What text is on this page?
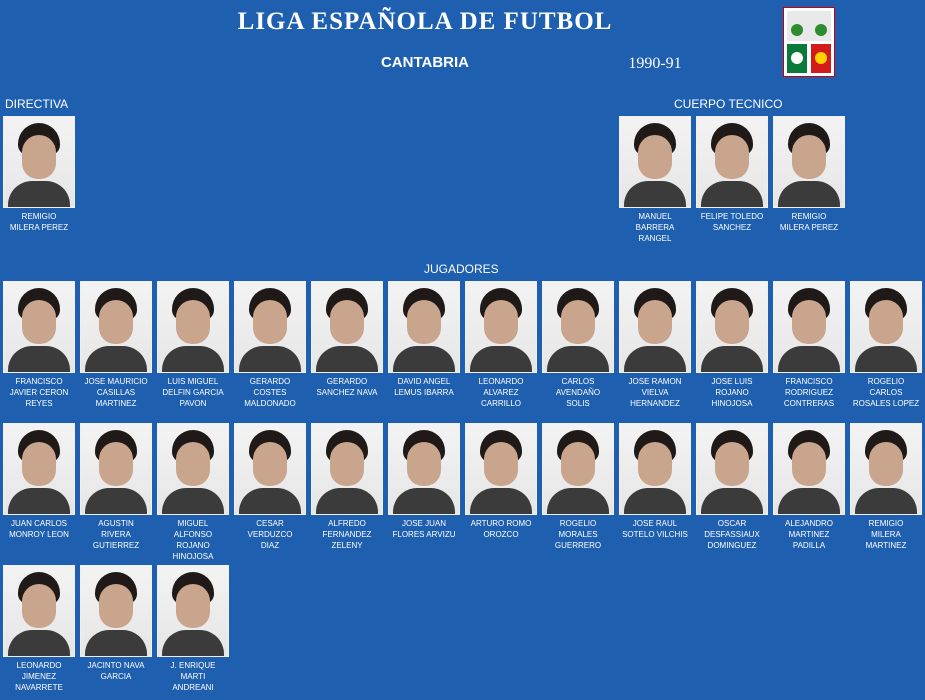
LIGA ESPAÑOLA DE FUTBOL
CANTABRIA	1990-91
DIRECTIVA	CUERPO TECNICO
JUGADORES
REMIGIO
MILERA PEREZ
MANUEL
BARRERA
RANGEL
FELIPE TOLEDO
SANCHEZ
REMIGIO
MILERA PEREZ
FRANCISCO
JAVIER CERON
REYES
JOSE MAURICIO
CASILLAS
MARTINEZ
LUIS MIGUEL
DELFIN GARCIA
PAVON
GERARDO
COSTES
MALDONADO
GERARDO
SANCHEZ NAVA
DAVID ANGEL
LEMUS IBARRA
LEONARDO
ALVAREZ
CARRILLO
CARLOS
AVENDAÑO
SOLIS
JOSE RAMON
VIELVA
HERNANDEZ
JOSE LUIS
ROJANO
HINOJOSA
FRANCISCO
RODRIGUEZ
CONTRERAS
ROGELIO
CARLOS
ROSALES LOPEZ
JUAN CARLOS
MONROY LEON
AGUSTIN
RIVERA
GUTIERREZ
MIGUEL
ALFONSO
ROJANO
HINOJOSA
CESAR
VERDUZCO
DIAZ
ALFREDO
FERNANDEZ
ZELENY
JOSE JUAN
FLORES ARVIZU
ARTURO ROMO
OROZCO
ROGELIO
MORALES
GUERRERO
JOSE RAUL
SOTELO VILCHIS
OSCAR
DESFASSIAUX
DOMINGUEZ
ALEJANDRO
MARTINEZ
PADILLA
REMIGIO
MILERA
MARTINEZ
LEONARDO
JIMENEZ
NAVARRETE
JACINTO NAVA
GARCIA
J. ENRIQUE
MARTI
ANDREANI
